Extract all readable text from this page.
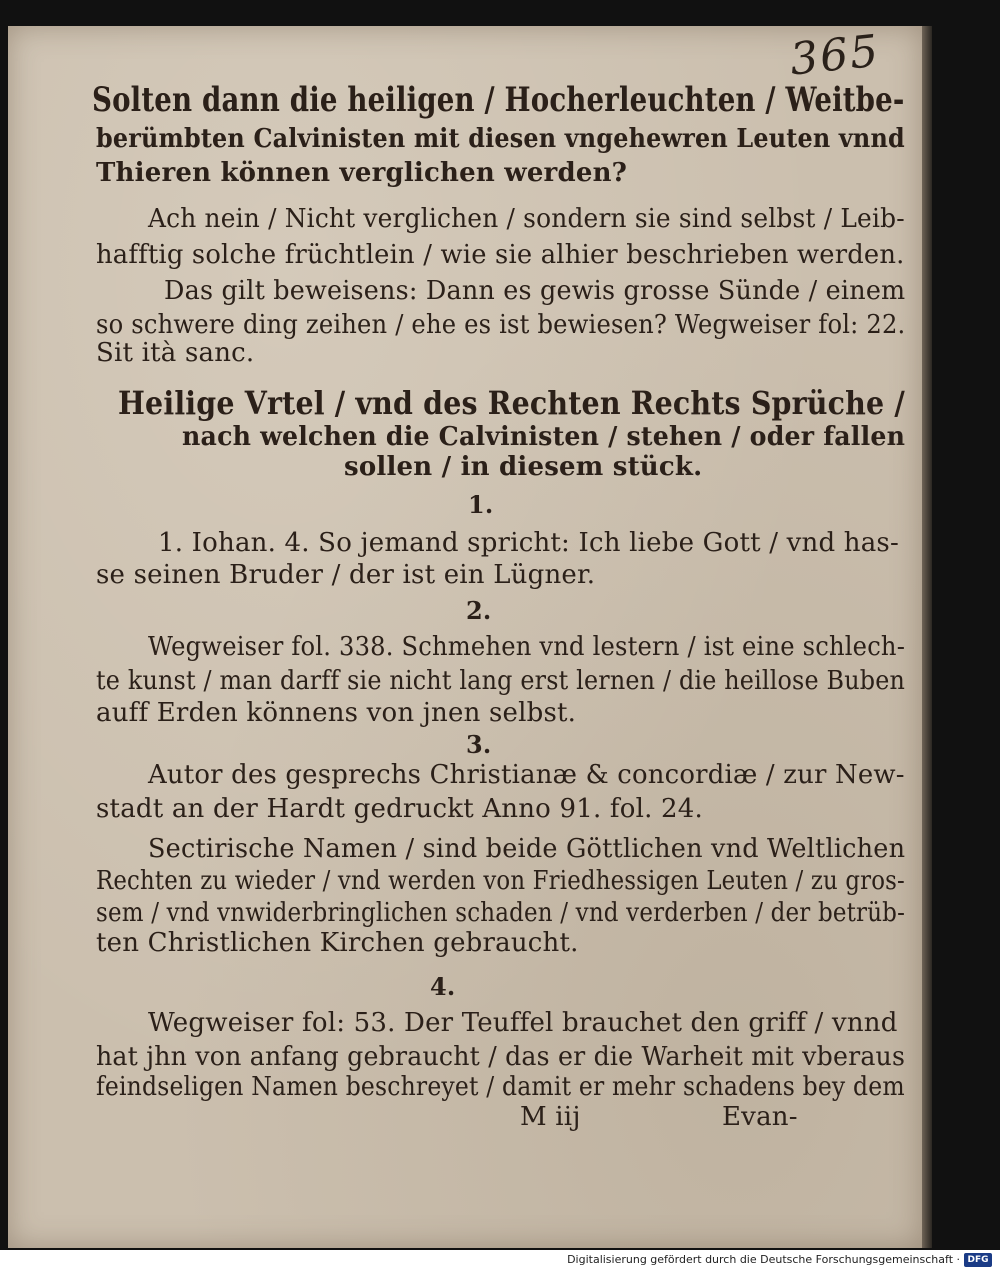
365
Solten dann die heiligen / Hocherleuchten / Weitbe-
berümbten Calvinisten mit diesen vngehewren Leuten vnnd
Thieren können verglichen werden?
Ach nein / Nicht verglichen / sondern sie sind selbst / Leib-
hafftig solche früchtlein / wie sie alhier beschrieben werden.
Das gilt beweisens: Dann es gewis grosse Sünde / einem
so schwere ding zeihen / ehe es ist bewiesen? Wegweiser fol: 22.
Sit ità sanc.
Heilige Vrtel / vnd des Rechten Rechts Sprüche /
nach welchen die Calvinisten / stehen / oder fallen
sollen / in diesem stück.
1.
1. Iohan. 4. So jemand spricht: Ich liebe Gott / vnd has-
se seinen Bruder / der ist ein Lügner.
2.
Wegweiser fol. 338. Schmehen vnd lestern / ist eine schlech-
te kunst / man darff sie nicht lang erst lernen / die heillose Buben
auff Erden könnens von jnen selbst.
3.
Autor des gesprechs Christianæ & concordiæ / zur New-
stadt an der Hardt gedruckt Anno 91. fol. 24.
Sectirische Namen / sind beide Göttlichen vnd Weltlichen
Rechten zu wieder / vnd werden von Friedhessigen Leuten / zu gros-
sem / vnd vnwiderbringlichen schaden / vnd verderben / der betrüb-
ten Christlichen Kirchen gebraucht.
4.
Wegweiser fol: 53. Der Teuffel brauchet den griff / vnnd
hat jhn von anfang gebraucht / das er die Warheit mit vberaus
feindseligen Namen beschreyet / damit er mehr schadens bey dem
M iij	Evan-
Digitalisierung gefördert durch die Deutsche Forschungsgemeinschaft · DFG
